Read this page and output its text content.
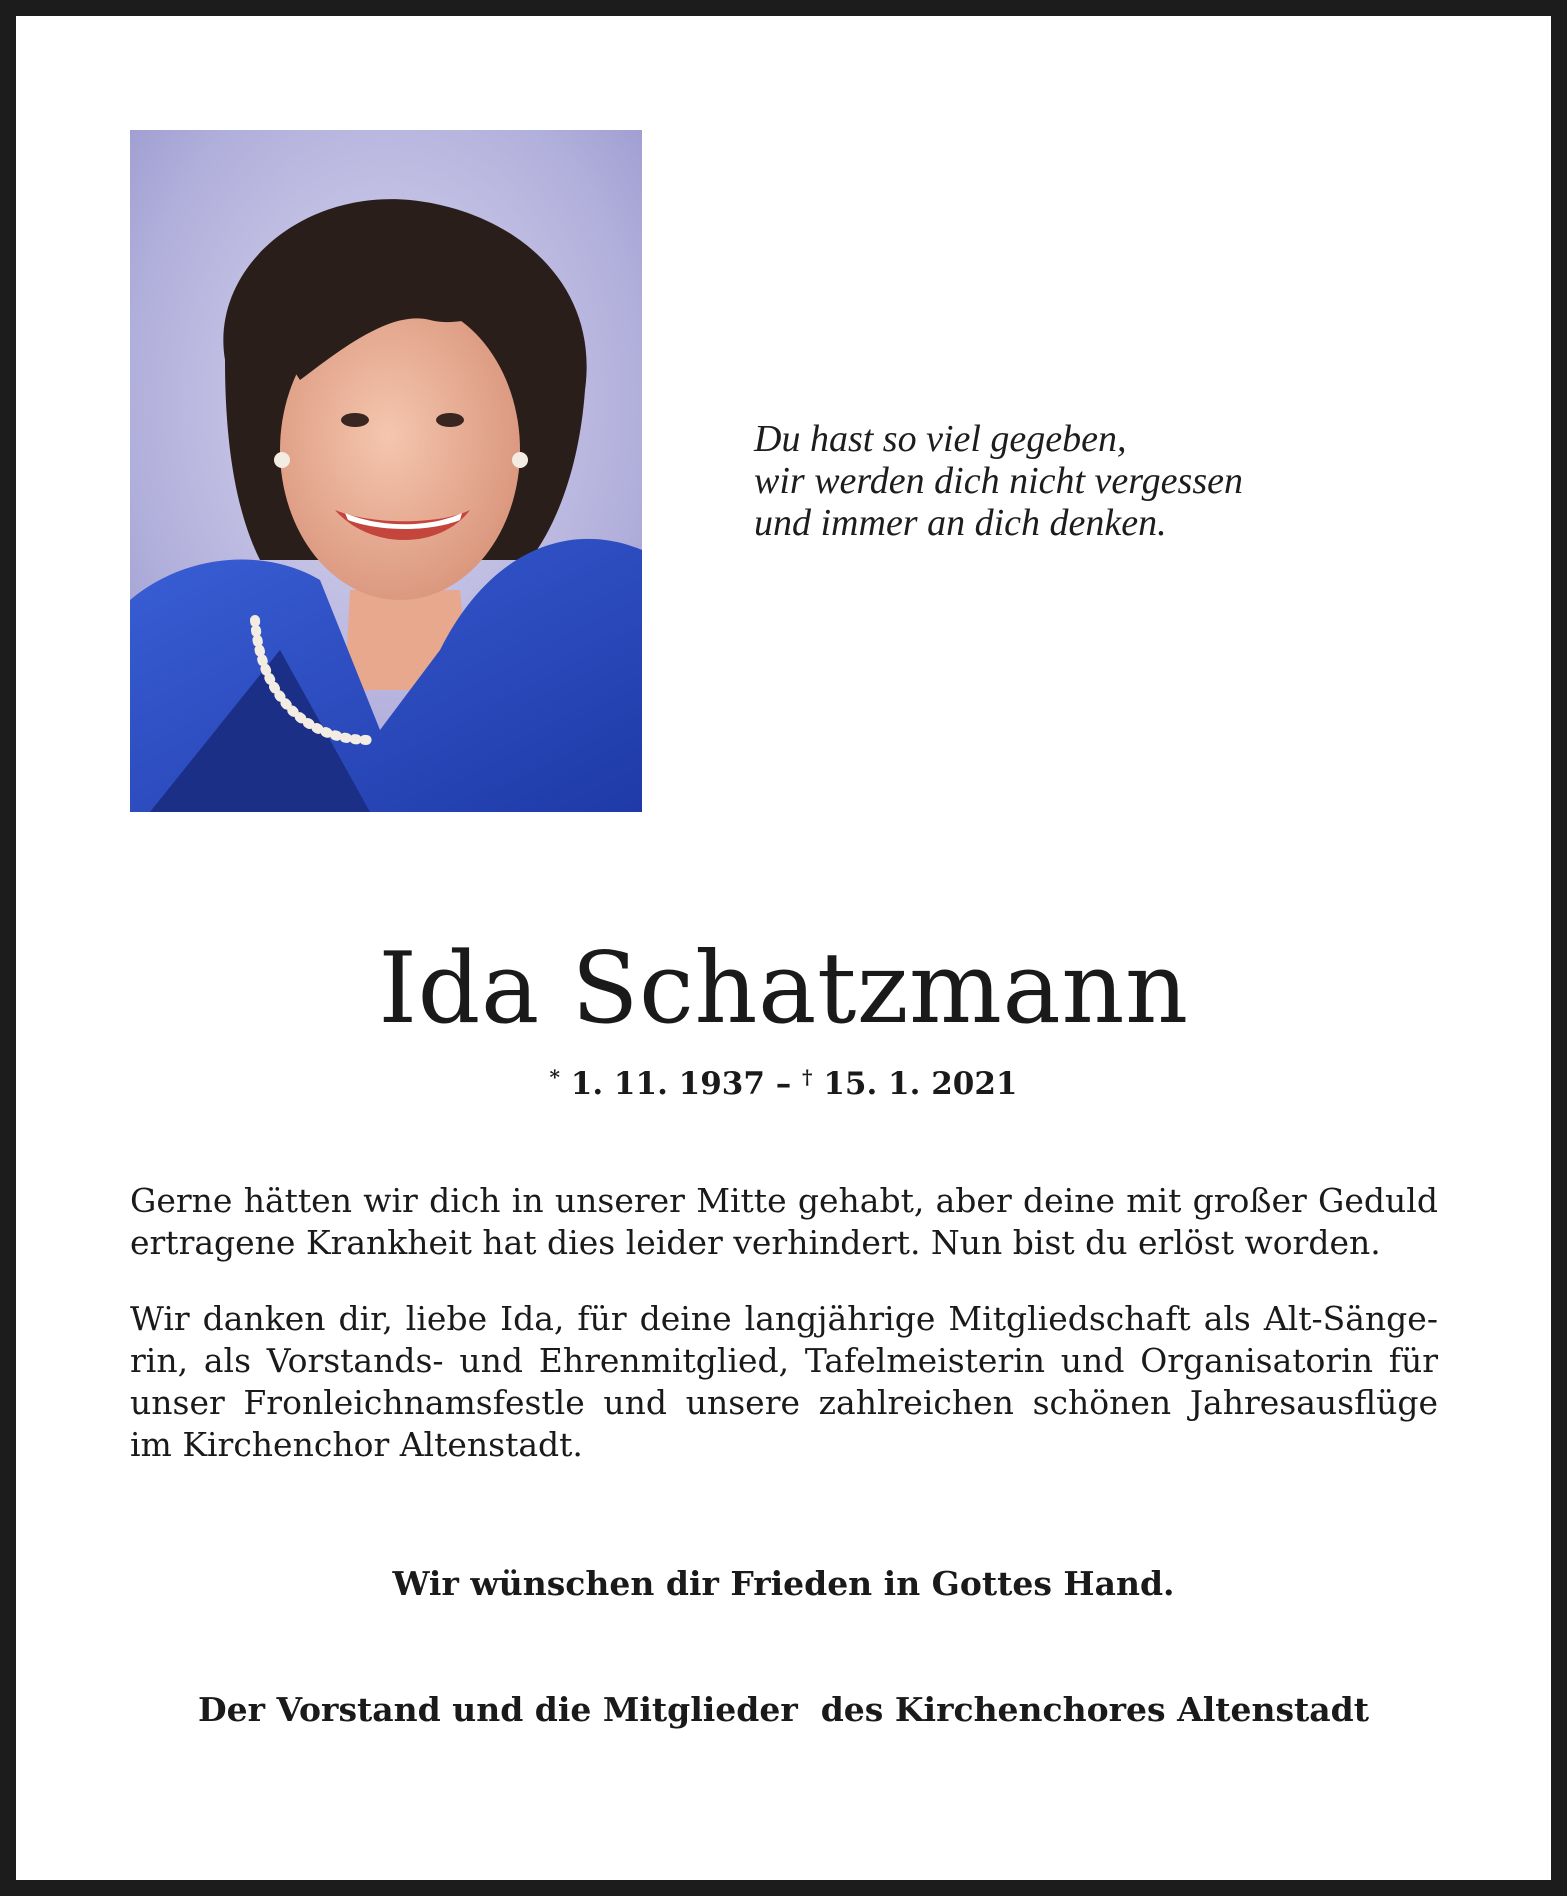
Du hast so viel gegeben,
wir werden dich nicht vergessen
und immer an dich denken.
Ida Schatzmann
* 1. 11. 1937 – † 15. 1. 2021

Gerne hätten wir dich in unserer Mitte gehabt, aber deine mit großer Geduld
ertragene Krankheit hat dies leider verhindert. Nun bist du erlöst worden.

Wir danken dir, liebe Ida, für deine langjährige Mitgliedschaft als Alt-Sänge-
rin, als Vorstands- und Ehrenmitglied, Tafelmeisterin und Organisatorin für
unser Fronleichnamsfestle und unsere zahlreichen schönen Jahresausflüge
im Kirchenchor Altenstadt.

Wir wünschen dir Frieden in Gottes Hand.
Der Vorstand und die Mitglieder  des Kirchenchores Altenstadt
